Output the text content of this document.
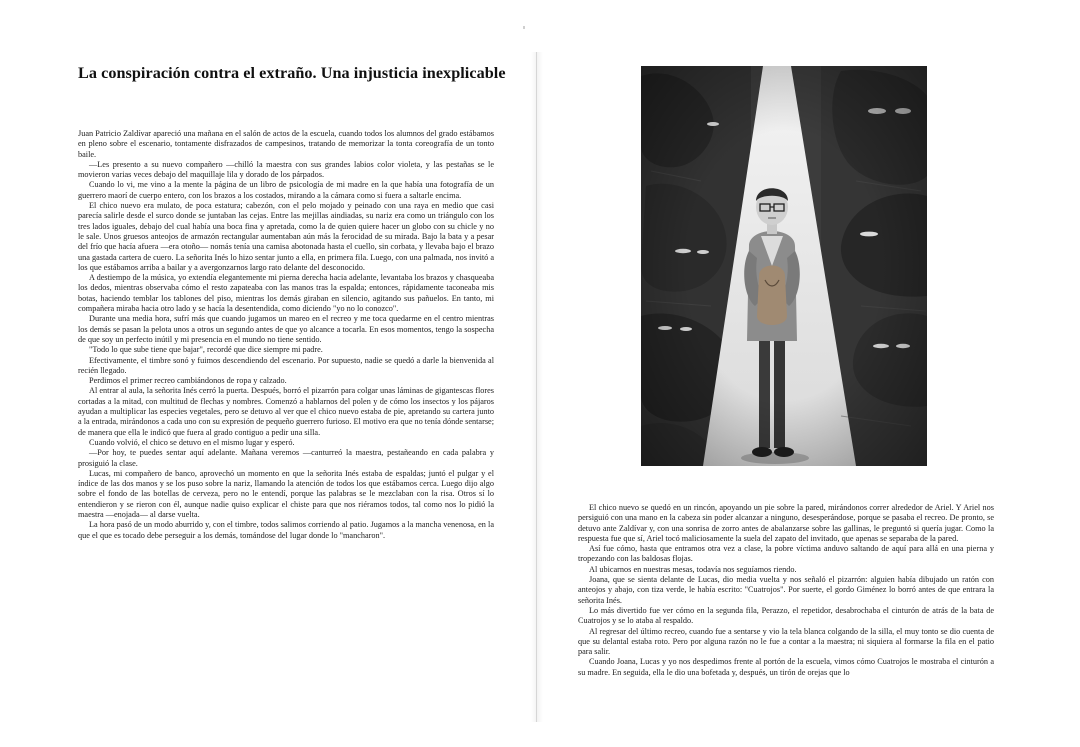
La conspiración contra el extraño. Una injusticia inexplicable

Juan Patricio Zaldívar apareció una mañana en el salón de actos de la escuela, cuando todos los alumnos del grado estábamos en pleno sobre el escenario, tontamente disfrazados de campesinos, tratando de memorizar la tonta coreografía de un tonto baile.

—Les presento a su nuevo compañero —chilló la maestra con sus grandes labios color violeta, y las pestañas se le movieron varias veces debajo del maquillaje lila y dorado de los párpados.

Cuando lo vi, me vino a la mente la página de un libro de psicología de mi madre en la que había una fotografía de un guerrero maorí de cuerpo entero, con los brazos a los costados, mirando a la cámara como si fuera a saltarle encima.

El chico nuevo era mulato, de poca estatura; cabezón, con el pelo mojado y peinado con una raya en medio que casi parecía salirle desde el surco donde se juntaban las cejas. Entre las mejillas aindiadas, su nariz era como un triángulo con los tres lados iguales, debajo del cual había una boca fina y apretada, como la de quien quiere hacer un globo con su chicle y no le sale. Unos gruesos anteojos de armazón rectangular aumentaban aún más la ferocidad de su mirada. Bajo la bata y a pesar del frío que hacía afuera —era otoño— nomás tenía una camisa abotonada hasta el cuello, sin corbata, y llevaba bajo el brazo una gastada cartera de cuero. La señorita Inés lo hizo sentar junto a ella, en primera fila. Luego, con una palmada, nos invitó a los que estábamos arriba a bailar y a avergonzarnos largo rato delante del desconocido.

A destiempo de la música, yo extendía elegantemente mi pierna derecha hacia adelante, levantaba los brazos y chasqueaba los dedos, mientras observaba cómo el resto zapateaba con las manos tras la espalda; entonces, rápidamente taconeaba mis botas, haciendo temblar los tablones del piso, mientras los demás giraban en silencio, agitando sus pañuelos. En tanto, mi compañera miraba hacia otro lado y se hacía la desentendida, como diciendo "yo no lo conozco".

Durante una media hora, sufrí más que cuando jugamos un mareo en el recreo y me toca quedarme en el centro mientras los demás se pasan la pelota unos a otros un segundo antes de que yo alcance a tocarla. En esos momentos, tengo la sospecha de que soy un perfecto inútil y mi presencia en el mundo no tiene sentido.

"Todo lo que sube tiene que bajar", recordé que dice siempre mi padre.

Efectivamente, el timbre sonó y fuimos descendiendo del escenario. Por supuesto, nadie se quedó a darle la bienvenida al recién llegado.

Perdimos el primer recreo cambiándonos de ropa y calzado.

Al entrar al aula, la señorita Inés cerró la puerta. Después, borró el pizarrón para colgar unas láminas de gigantescas flores cortadas a la mitad, con multitud de flechas y nombres. Comenzó a hablarnos del polen y de cómo los insectos y los pájaros ayudan a multiplicar las especies vegetales, pero se detuvo al ver que el chico nuevo estaba de pie, apretando su cartera junto a la entrada, mirándonos a cada uno con su expresión de pequeño guerrero furioso. El motivo era que no tenía dónde sentarse; de manera que ella le indicó que fuera al grado contiguo a pedir una silla.

Cuando volvió, el chico se detuvo en el mismo lugar y esperó.

—Por hoy, te puedes sentar aquí adelante. Mañana veremos —canturreó la maestra, pestañeando en cada palabra y prosiguió la clase.

Lucas, mi compañero de banco, aprovechó un momento en que la señorita Inés estaba de espaldas; juntó el pulgar y el índice de las dos manos y se los puso sobre la nariz, llamando la atención de todos los que estábamos cerca. Luego dijo algo sobre el fondo de las botellas de cerveza, pero no le entendí, porque las palabras se le mezclaban con la risa. Otros sí lo entendieron y se rieron con él, aunque nadie quiso explicar el chiste para que nos riéramos todos, tal como nos lo pidió la maestra —enojada— al darse vuelta.

La hora pasó de un modo aburrido y, con el timbre, todos salimos corriendo al patio. Jugamos a la mancha venenosa, en la que el que es tocado debe perseguir a los demás, tomándose del lugar donde lo "mancharon".

El chico nuevo se quedó en un rincón, apoyando un pie sobre la pared, mirándonos correr alrededor de Ariel. Y Ariel nos persiguió con una mano en la cabeza sin poder alcanzar a ninguno, desesperándose, porque se pasaba el recreo. De pronto, se detuvo ante Zaldívar y, con una sonrisa de zorro antes de abalanzarse sobre las gallinas, le preguntó si quería jugar. Como la respuesta fue que sí, Ariel tocó maliciosamente la suela del zapato del invitado, que apenas se separaba de la pared.

Así fue cómo, hasta que entramos otra vez a clase, la pobre víctima anduvo saltando de aquí para allá en una pierna y tropezando con las baldosas flojas.

Al ubicarnos en nuestras mesas, todavía nos seguíamos riendo.

Joana, que se sienta delante de Lucas, dio media vuelta y nos señaló el pizarrón: alguien había dibujado un ratón con anteojos y abajo, con tiza verde, le había escrito: "Cuatrojos". Por suerte, el gordo Giménez lo borró antes de que entrara la señorita Inés.

Lo más divertido fue ver cómo en la segunda fila, Perazzo, el repetidor, desabrochaba el cinturón de atrás de la bata de Cuatrojos y se lo ataba al respaldo.

Al regresar del último recreo, cuando fue a sentarse y vio la tela blanca colgando de la silla, el muy tonto se dio cuenta de que su delantal estaba roto. Pero por alguna razón no le fue a contar a la maestra; ni siquiera al formarse la fila en el patio para salir.

Cuando Joana, Lucas y yo nos despedimos frente al portón de la escuela, vimos cómo Cuatrojos le mostraba el cinturón a su madre. En seguida, ella le dio una bofetada y, después, un tirón de orejas que lo
